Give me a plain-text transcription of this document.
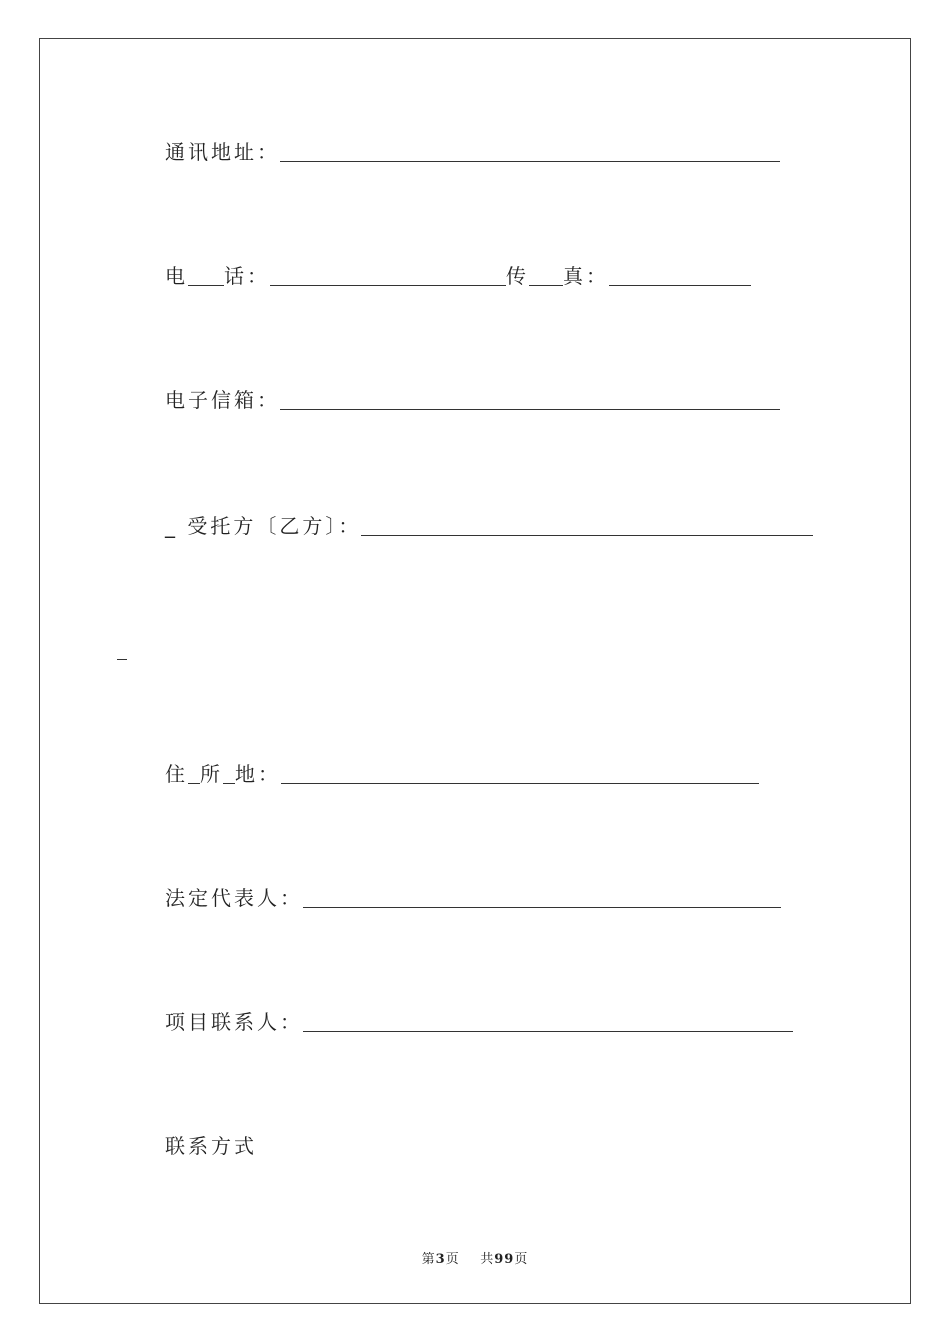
通讯地址：
电 话：	传 真：
电子信箱：
_ 受托方〔乙方〕：
住 所 地：
法定代表人：
项目联系人：
联系方式
第3页 共99页
